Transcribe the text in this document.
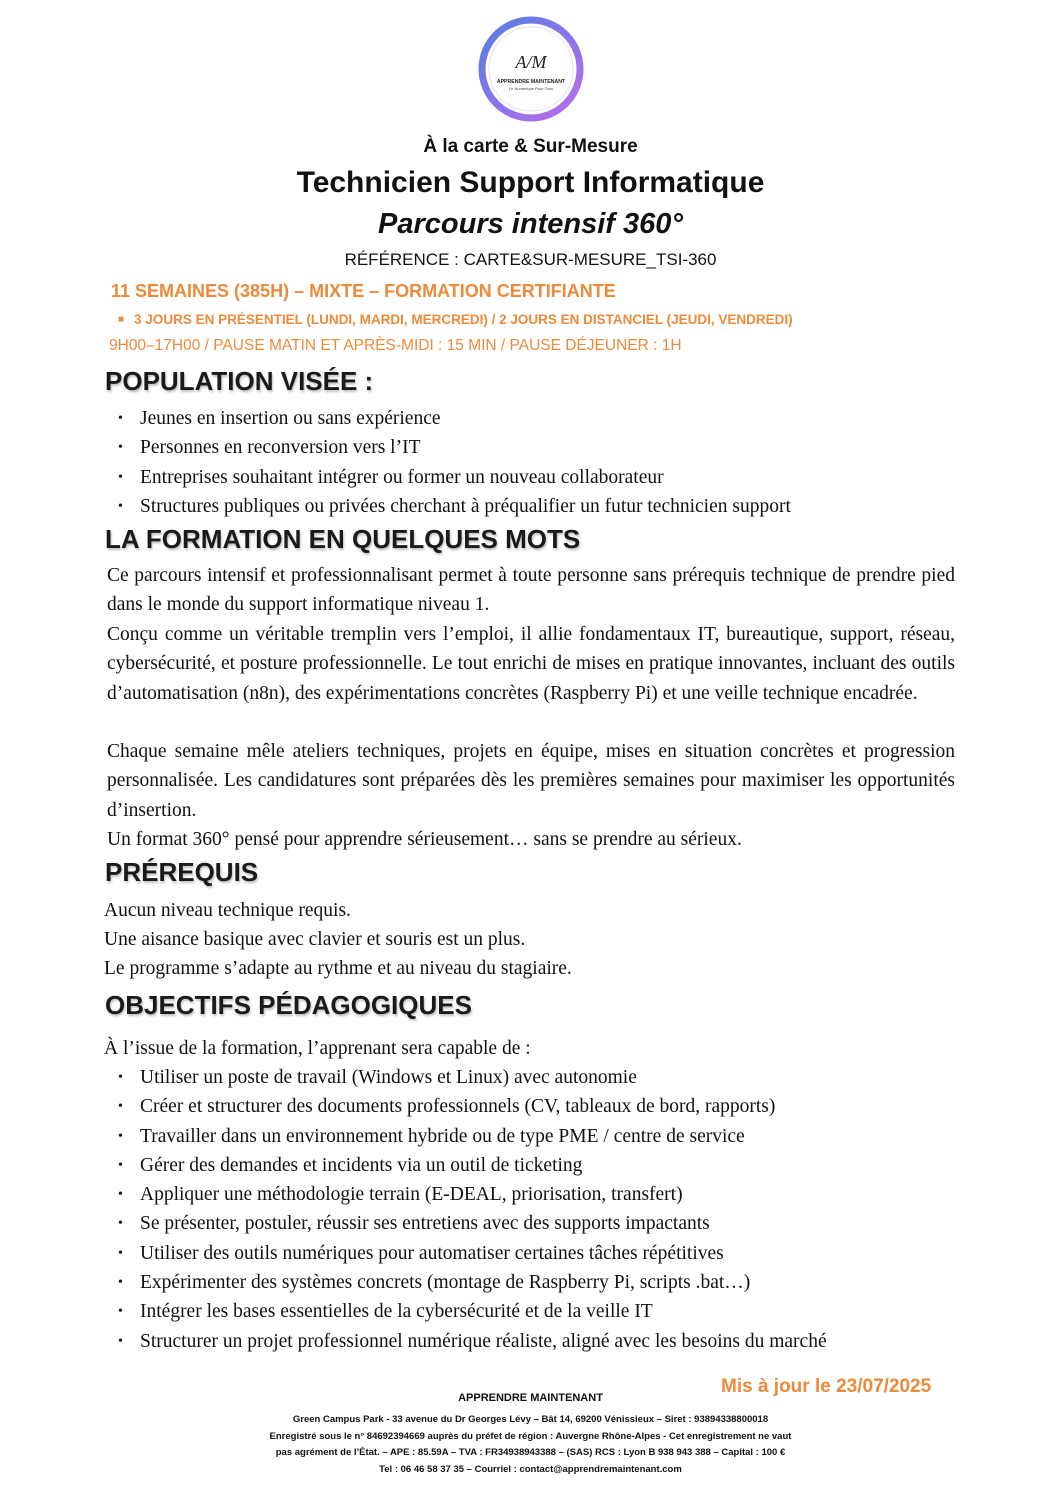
A/M
APPRENDRE MAINTENANT
Le Numérique Pour Tous
À la carte & Sur-Mesure
Technicien Support Informatique
Parcours intensif 360°
RÉFÉRENCE : CARTE&SUR-MESURE_TSI-360
11 SEMAINES (385H) – MIXTE – FORMATION CERTIFIANTE
■ 3 JOURS EN PRÉSENTIEL (LUNDI, MARDI, MERCREDI) / 2 JOURS EN DISTANCIEL (JEUDI, VENDREDI)
9H00–17H00 / PAUSE MATIN ET APRÈS-MIDI : 15 MIN / PAUSE DÉJEUNER : 1H
POPULATION VISÉE :
• Jeunes en insertion ou sans expérience
• Personnes en reconversion vers l’IT
• Entreprises souhaitant intégrer ou former un nouveau collaborateur
• Structures publiques ou privées cherchant à préqualifier un futur technicien support
LA FORMATION EN QUELQUES MOTS

Ce parcours intensif et professionnalisant permet à toute personne sans prérequis technique de prendre pied dans le monde du support informatique niveau 1.

Conçu comme un véritable tremplin vers l’emploi, il allie fondamentaux IT, bureautique, support, réseau, cybersécurité, et posture professionnelle. Le tout enrichi de mises en pratique innovantes, incluant des outils d’automatisation (n8n), des expérimentations concrètes (Raspberry Pi) et une veille technique encadrée.

Chaque semaine mêle ateliers techniques, projets en équipe, mises en situation concrètes et progression personnalisée. Les candidatures sont préparées dès les premières semaines pour maximiser les opportunités d’insertion.

Un format 360° pensé pour apprendre sérieusement… sans se prendre au sérieux.

PRÉREQUIS

Aucun niveau technique requis.

Une aisance basique avec clavier et souris est un plus.

Le programme s’adapte au rythme et au niveau du stagiaire.

OBJECTIFS PÉDAGOGIQUES

À l’issue de la formation, l’apprenant sera capable de :

• Utiliser un poste de travail (Windows et Linux) avec autonomie
• Créer et structurer des documents professionnels (CV, tableaux de bord, rapports)
• Travailler dans un environnement hybride ou de type PME / centre de service
• Gérer des demandes et incidents via un outil de ticketing
• Appliquer une méthodologie terrain (E-DEAL, priorisation, transfert)
• Se présenter, postuler, réussir ses entretiens avec des supports impactants
• Utiliser des outils numériques pour automatiser certaines tâches répétitives
• Expérimenter des systèmes concrets (montage de Raspberry Pi, scripts .bat…)
• Intégrer les bases essentielles de la cybersécurité et de la veille IT
• Structurer un projet professionnel numérique réaliste, aligné avec les besoins du marché
Mis à jour le 23/07/2025
APPRENDRE MAINTENANT
Green Campus Park - 33 avenue du Dr Georges Lévy – Bât 14, 69200 Vénissieux – Siret : 93894338800018
Enregistré sous le n° 84692394669 auprès du préfet de région : Auvergne Rhône-Alpes - Cet enregistrement ne vaut
pas agrément de l’État. – APE : 85.59A – TVA : FR34938943388 – (SAS) RCS : Lyon B 938 943 388 – Capital : 100 €
Tel : 06 46 58 37 35 – Courriel : contact@apprendremaintenant.com
